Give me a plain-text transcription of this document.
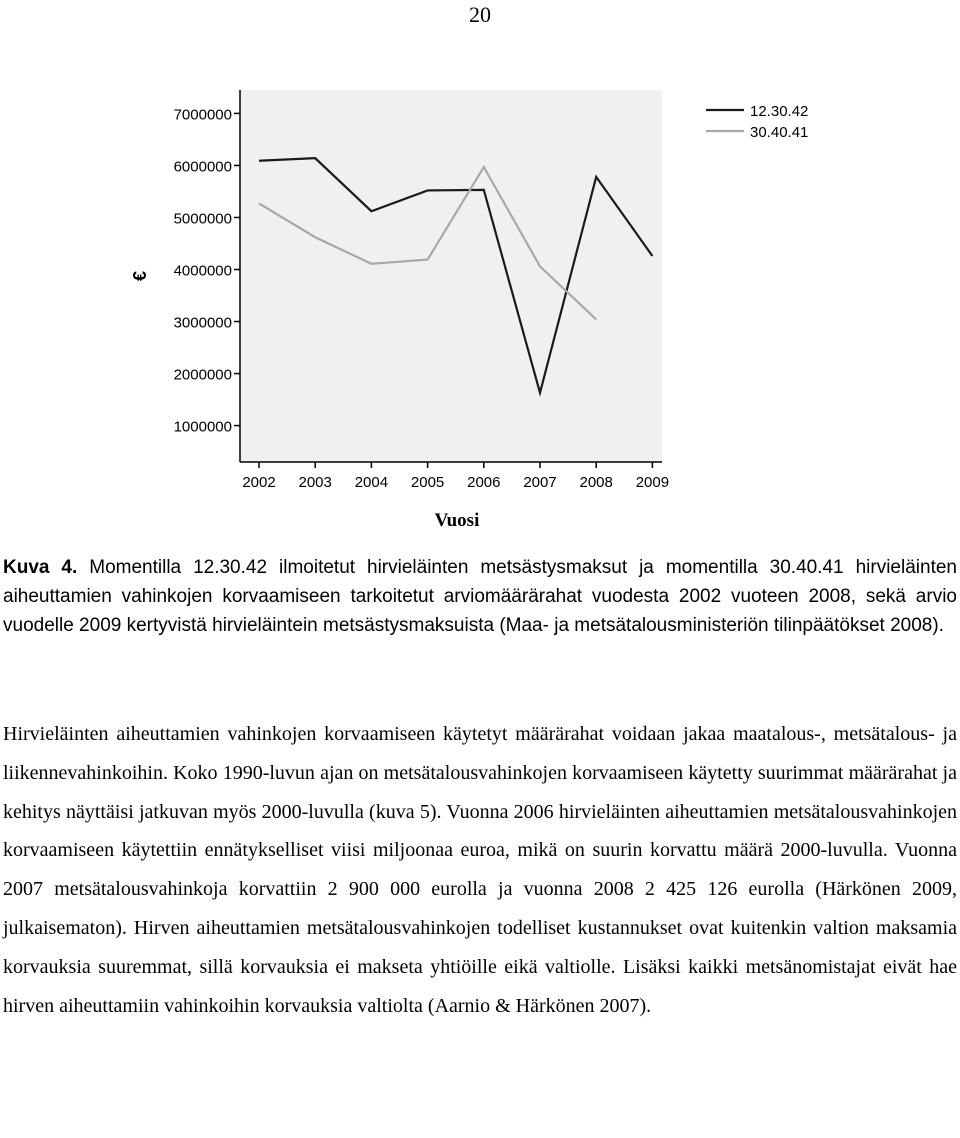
20
1000000
2000000
3000000
4000000
5000000
6000000
7000000
2002 2003 2004 2005 2006 2007 2008 2009
€
Vuosi
12.30.42
30.40.41
Kuva 4. Momentilla 12.30.42 ilmoitetut hirvieläinten metsästysmaksut ja momentilla 30.40.41 hirvieläinten aiheuttamien vahinkojen korvaamiseen tarkoitetut arviomäärärahat vuodesta 2002 vuoteen 2008, sekä arvio vuodelle 2009 kertyvistä hirvieläintein metsästysmaksuista (Maa- ja metsätalousministeriön tilinpäätökset 2008).
Hirvieläinten aiheuttamien vahinkojen korvaamiseen käytetyt määrärahat voidaan jakaa maatalous-, metsätalous- ja liikennevahinkoihin. Koko 1990-luvun ajan on metsätalousvahinkojen korvaamiseen käytetty suurimmat määrärahat ja kehitys näyttäisi jatkuvan myös 2000-luvulla (kuva 5). Vuonna 2006 hirvieläinten aiheuttamien metsätalousvahinkojen korvaamiseen käytettiin ennätykselliset viisi miljoonaa euroa, mikä on suurin korvattu määrä 2000-luvulla. Vuonna 2007 metsätalousvahinkoja korvattiin 2 900 000 eurolla ja vuonna 2008 2 425 126 eurolla (Härkönen 2009, julkaisematon). Hirven aiheuttamien metsätalousvahinkojen todelliset kustannukset ovat kuitenkin valtion maksamia korvauksia suuremmat, sillä korvauksia ei makseta yhtiöille eikä valtiolle. Lisäksi kaikki metsänomistajat eivät hae hirven aiheuttamiin vahinkoihin korvauksia valtiolta (Aarnio & Härkönen 2007).
